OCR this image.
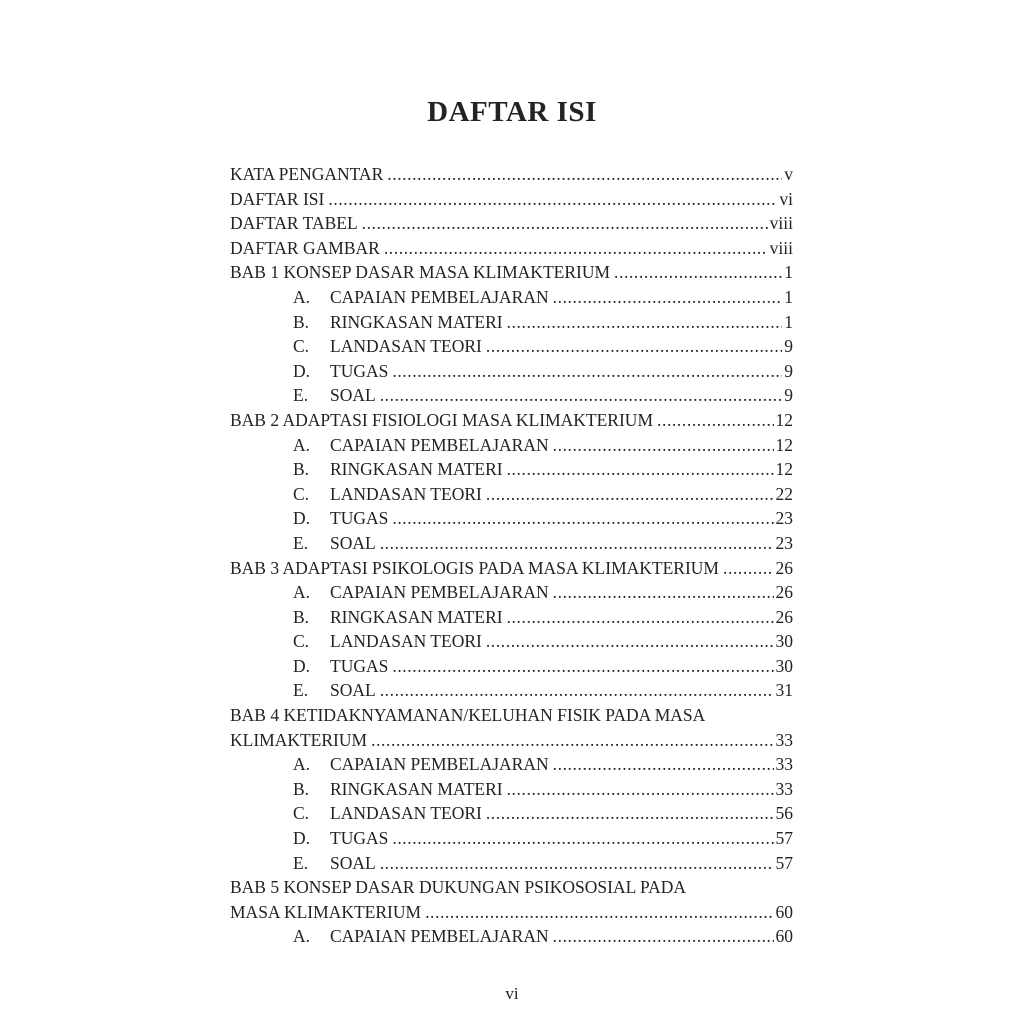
DAFTAR ISI
KATA PENGANTAR .....	v
DAFTAR ISI .....	vi
DAFTAR TABEL .....	viii
DAFTAR GAMBAR .....	viii
BAB 1 KONSEP DASAR MASA KLIMAKTERIUM .....	1
A.	CAPAIAN PEMBELAJARAN .....	1
B.	RINGKASAN MATERI .....	1
C.	LANDASAN TEORI .....	9
D.	TUGAS .....	9
E.	SOAL .....	9
BAB 2 ADAPTASI FISIOLOGI MASA KLIMAKTERIUM .....	12
A.	CAPAIAN PEMBELAJARAN .....	12
B.	RINGKASAN MATERI .....	12
C.	LANDASAN TEORI .....	22
D.	TUGAS .....	23
E.	SOAL .....	23
BAB 3 ADAPTASI PSIKOLOGIS PADA MASA KLIMAKTERIUM .....	26
A.	CAPAIAN PEMBELAJARAN .....	26
B.	RINGKASAN MATERI .....	26
C.	LANDASAN TEORI .....	30
D.	TUGAS .....	30
E.	SOAL .....	31
BAB 4 KETIDAKNYAMANAN/KELUHAN FISIK PADA MASA
KLIMAKTERIUM .....	33
A.	CAPAIAN PEMBELAJARAN .....	33
B.	RINGKASAN MATERI .....	33
C.	LANDASAN TEORI .....	56
D.	TUGAS .....	57
E.	SOAL .....	57
BAB 5 KONSEP DASAR DUKUNGAN PSIKOSOSIAL PADA
MASA KLIMAKTERIUM .....	60
A.	CAPAIAN PEMBELAJARAN .....	60
vi
